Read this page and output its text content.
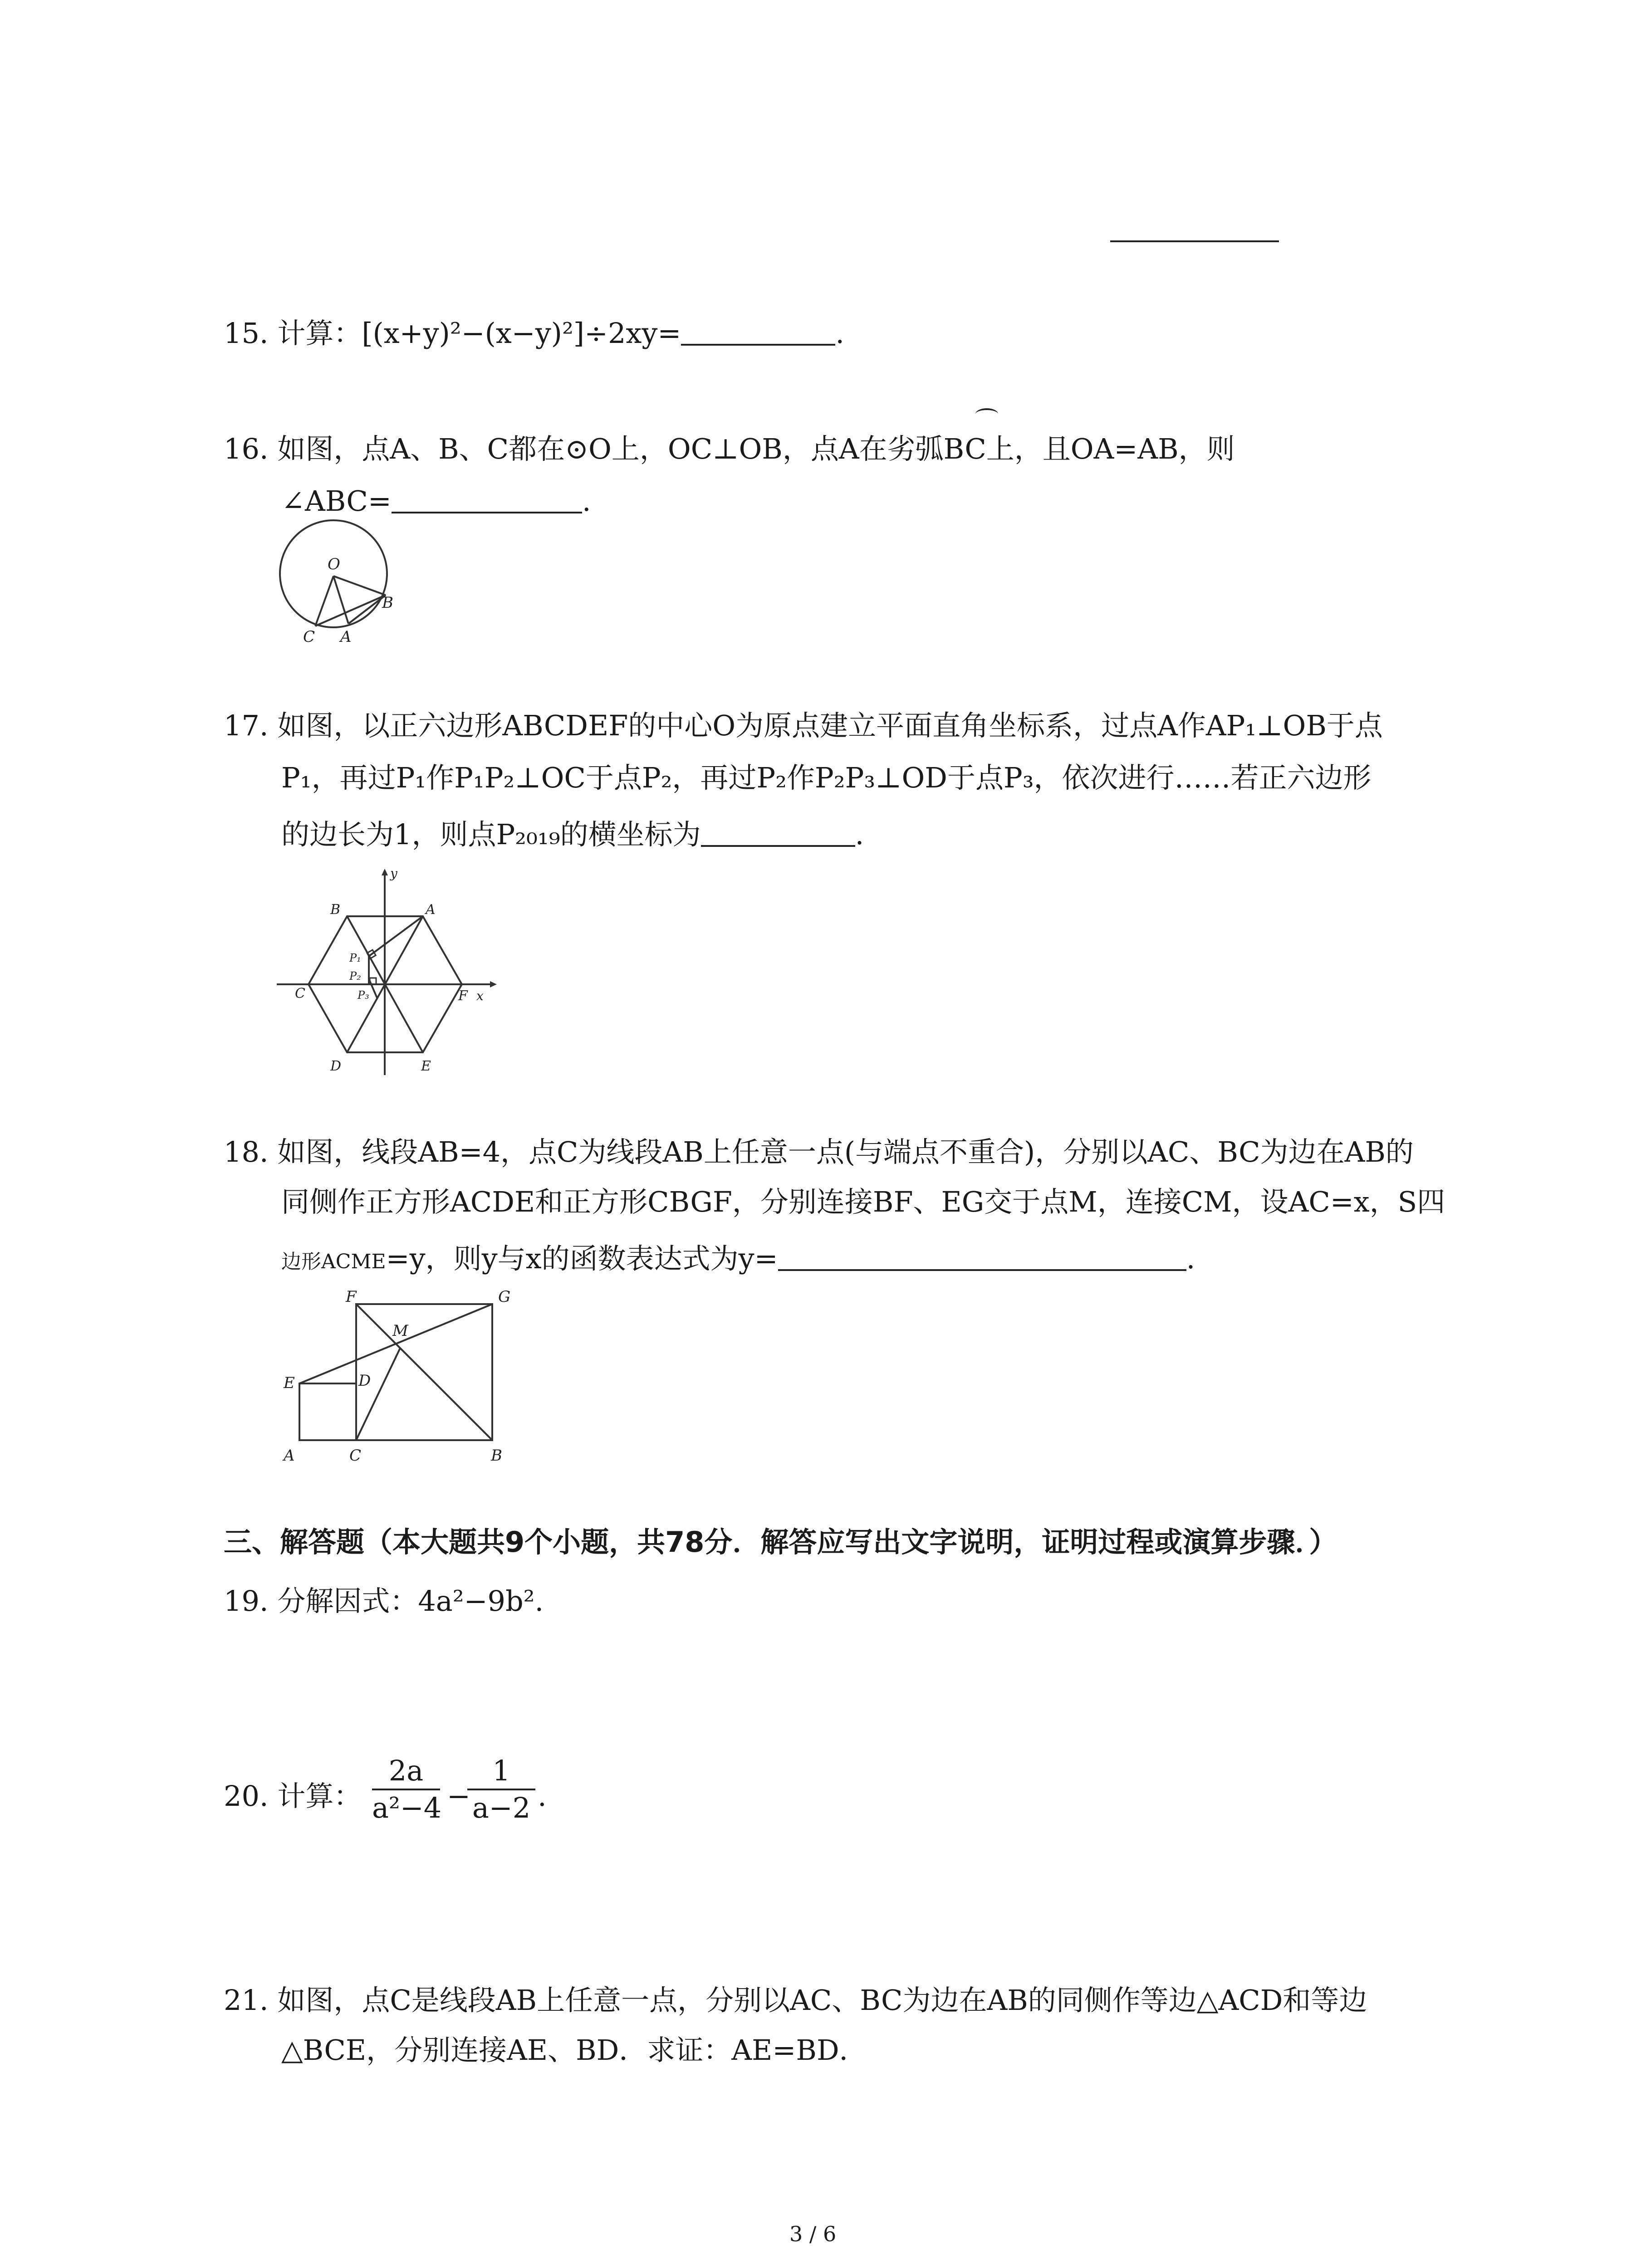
15. 计算：[(x+y)²−(x−y)²]÷2xy=	.
16. 如图，点A、B、C都在⊙O上，OC⊥OB，点A在劣弧BC上，且OA=AB，则
∠ABC=	.
O
B
C A
17. 如图，以正六边形ABCDEF的中心O为原点建立平面直角坐标系，过点A作AP₁⊥OB于点
P₁，再过P₁作P₁P₂⊥OC于点P₂，再过P₂作P₂P₃⊥OD于点P₃，依次进行……若正六边形
的边长为1，则点P₂₀₁₉的横坐标为	.
B	A
C	F
D	E
x
y
P₁
P₂
P₃
18. 如图，线段AB=4，点C为线段AB上任意一点(与端点不重合)，分别以AC、BC为边在AB的
同侧作正方形ACDE和正方形CBGF，分别连接BF、EG交于点M，连接CM，设AC=x，S四
边形ACME=y，则y与x的函数表达式为y=	.
F	G
M
E	D
A	C	B
三、解答题（本大题共9个小题，共78分．解答应写出文字说明，证明过程或演算步骤．）
19. 分解因式：4a²−9b².
20. 计算： $\frac{2a}{\text{a²−4}}$ −
$\frac{1}{a-2}$ .
21. 如图，点C是线段AB上任意一点，分别以AC、BC为边在AB的同侧作等边△ACD和等边
△BCE，分别连接AE、BD．求证：AE=BD．
3 / 6
